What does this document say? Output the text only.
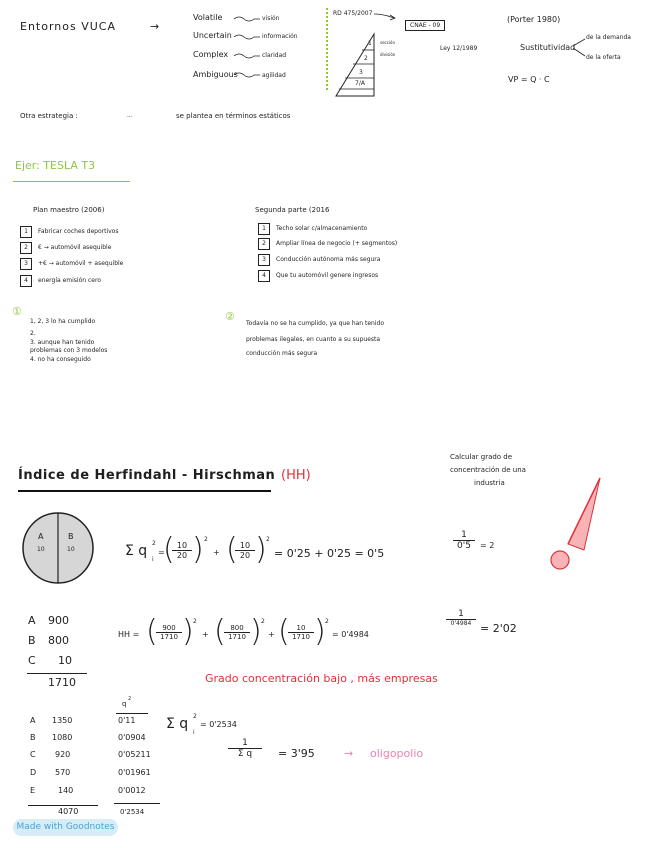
Entornos VUCA	→
Volatile	visión
Uncertain	información
Complex	claridad
Ambiguous	agilidad
RD 475/2007
1
2
3
7/A
sección
división
CNAE - 09
Ley 12/1989
(Porter 1980)
Sustitutividad
de la demanda
de la oferta
VP = Q · C
Otra estrategia :	...	se plantea en términos estáticos
Ejer: TESLA T3
Plan maestro (2006)
1	Fabricar coches deportivos
2	€ → automóvil asequible
3	+€ → automóvil + asequible
4	energía emisión cero
Segunda parte (2016
1	Techo solar c/almacenamiento
2	Ampliar línea de negocio (+ segmentos)
3	Conducción autónoma más segura
4	Que tu automóvil genere ingresos
①
1, 2, 3 lo ha cumplido
2.
3. aunque han tenido
problemas con 3 modelos
4. no ha conseguido
②
Todavía no se ha cumplido, ya que han tenido
problemas ilegales, en cuanto a su supuesta
conducción más segura
Índice de Herfindahl - Hirschman (HH)
Calcular grado de
concentración de una
industria
A
10
B
10	Σ q
i
2
=
(
$\frac{10}{20}$ ) 2
+ (
$\frac{10}{20}$ ) 2
= 0'25 + 0'25 = 0'5
$\frac{1}{0'5} = 2$
A 900
B 800
C 10
1710
HH = (
$\frac{900}{1710}$ ) 2
+ (
$\frac{800}{1710}$ ) 2
+ (
$\frac{10}{1710}$ ) 2
= 0'4984
1
0'4984 = 2'02
Grado concentración bajo , más empresas
q
2
A 1350	0'11
B 1080	0'0904
C 920	0'05211
D 570	0'01961
E	140	0'0012
4070	0'2534
Σ q 2
i
= 0'2534
$\frac{1}{\text{Σ q}} = 3'95$	→ oligopolio
Made with Goodnotes
